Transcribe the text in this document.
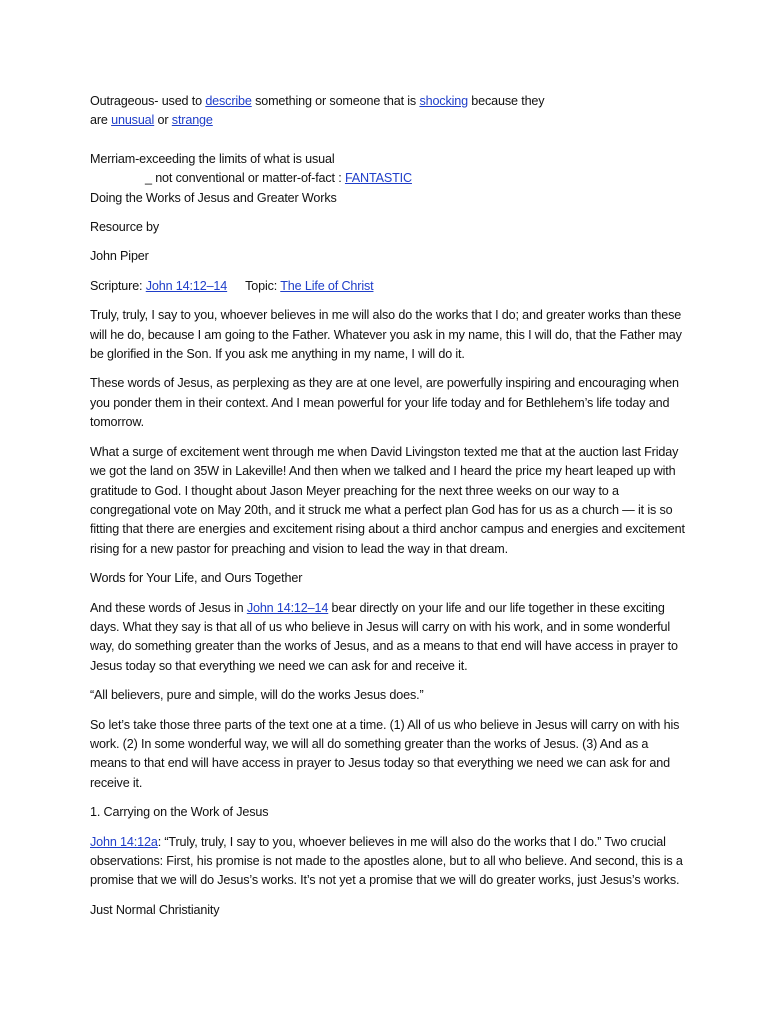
Outrageous- used to describe something or someone that is shocking because they

are unusual or strange

Merriam-exceeding the limits of what is usual

_ not conventional or matter-of-fact : FANTASTIC

Doing the Works of Jesus and Greater Works

Resource by

John Piper

Scripture: John 14:12–14 Topic: The Life of Christ

Truly, truly, I say to you, whoever believes in me will also do the works that I do; and greater works than these will he do, because I am going to the Father. Whatever you ask in my name, this I will do, that the Father may be glorified in the Son. If you ask me anything in my name, I will do it.

These words of Jesus, as perplexing as they are at one level, are powerfully inspiring and encouraging when you ponder them in their context. And I mean powerful for your life today and for Bethlehem’s life today and tomorrow.

What a surge of excitement went through me when David Livingston texted me that at the auction last Friday we got the land on 35W in Lakeville! And then when we talked and I heard the price my heart leaped up with gratitude to God. I thought about Jason Meyer preaching for the next three weeks on our way to a congregational vote on May 20th, and it struck me what a perfect plan God has for us as a church — it is so fitting that there are energies and excitement rising about a third anchor campus and energies and excitement rising for a new pastor for preaching and vision to lead the way in that dream.

Words for Your Life, and Ours Together

And these words of Jesus in John 14:12–14 bear directly on your life and our life together in these exciting days. What they say is that all of us who believe in Jesus will carry on with his work, and in some wonderful way, do something greater than the works of Jesus, and as a means to that end will have access in prayer to Jesus today so that everything we need we can ask for and receive it.

“All believers, pure and simple, will do the works Jesus does.”

So let’s take those three parts of the text one at a time. (1) All of us who believe in Jesus will carry on with his work. (2) In some wonderful way, we will all do something greater than the works of Jesus. (3) And as a means to that end will have access in prayer to Jesus today so that everything we need we can ask for and receive it.

1. Carrying on the Work of Jesus

John 14:12a: “Truly, truly, I say to you, whoever believes in me will also do the works that I do.” Two crucial observations: First, his promise is not made to the apostles alone, but to all who believe. And second, this is a promise that we will do Jesus’s works. It’s not yet a promise that we will do greater works, just Jesus’s works.

Just Normal Christianity
